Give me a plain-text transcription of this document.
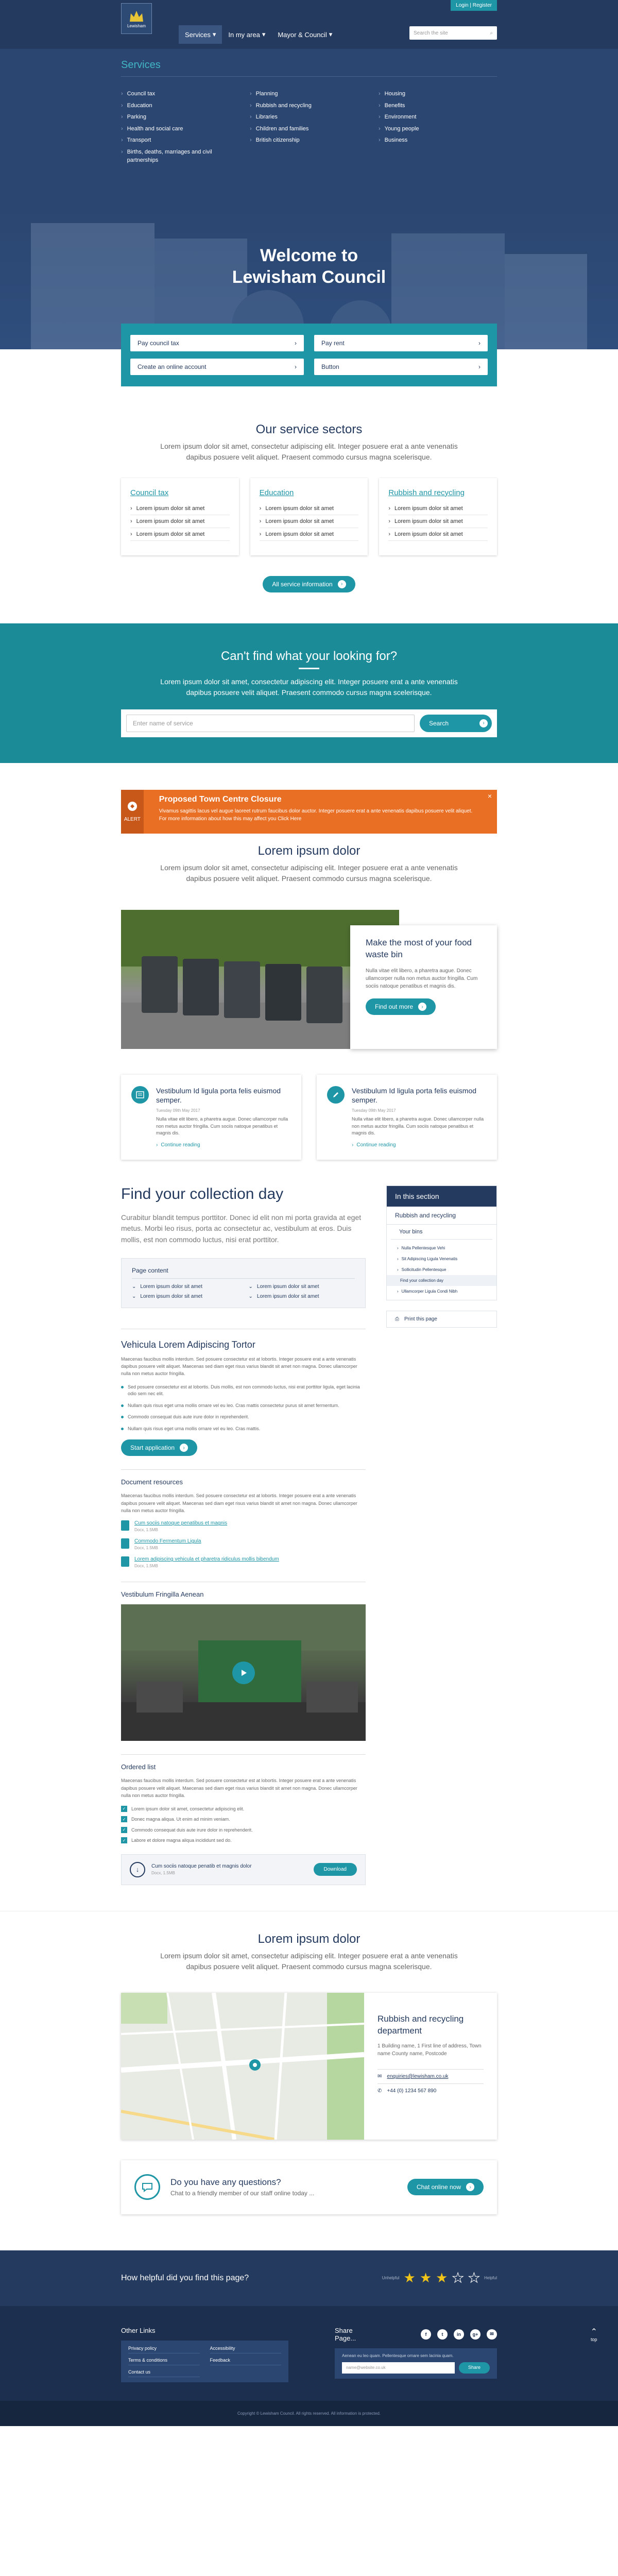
Lewisham
Login | Register
Services ▾ In my area ▾ Mayor & Council ▾	Search the site	⌕
Services
› Council tax
› Education
› Parking
› Health and social care
› Transport
› Births, deaths, marriages and civil partnerships
› Planning
› Rubbish and recycling
› Libraries
› Children and families
› British citizenship
› Housing
› Benefits
› Environment
› Young people
› Business
Welcome to
Lewisham Council
Pay council tax	›	Pay rent	›
Create an online account	›	Button	›
Our service sectors
Lorem ipsum dolor sit amet, consectetur adipiscing elit. Integer posuere erat a ante venenatis dapibus posuere velit aliquet. Praesent commodo cursus magna scelerisque.
Council tax
› Lorem ipsum dolor sit amet
› Lorem ipsum dolor sit amet
› Lorem ipsum dolor sit amet
Education
› Lorem ipsum dolor sit amet
› Lorem ipsum dolor sit amet
› Lorem ipsum dolor sit amet
Rubbish and recycling
› Lorem ipsum dolor sit amet
› Lorem ipsum dolor sit amet
› Lorem ipsum dolor sit amet
All service information	›
Can't find what your looking for?

Lorem ipsum dolor sit amet, consectetur adipiscing elit. Integer posuere erat a ante venenatis dapibus posuere velit aliquet. Praesent commodo cursus magna scelerisque.

Enter name of service	Search	›
ALERT
Proposed Town Centre Closure

Vivamus sagittis lacus vel augue laoreet rutrum faucibus dolor auctor. Integer posuere erat a ante venenatis dapibus posuere velit aliquet. For more information about how this may affect you Click Here

×
Lorem ipsum dolor
Lorem ipsum dolor sit amet, consectetur adipiscing elit. Integer posuere erat a ante venenatis dapibus posuere velit aliquet. Praesent commodo cursus magna scelerisque.
Make the most of your food waste bin

Nulla vitae elit libero, a pharetra augue. Donec ullamcorper nulla non metus auctor fringilla. Cum sociis natoque penatibus et magnis dis.

Find out more	›
Vestibulum Id ligula porta felis euismod semper.
Tuesday 09th May 2017

Nulla vitae elit libero, a pharetra augue. Donec ullamcorper nulla non metus auctor fringilla. Cum sociis natoque penatibus et magnis dis.

› Continue reading
Vestibulum Id ligula porta felis euismod semper.
Tuesday 09th May 2017

Nulla vitae elit libero, a pharetra augue. Donec ullamcorper nulla non metus auctor fringilla. Cum sociis natoque penatibus et magnis dis.

› Continue reading
Find your collection day
Curabitur blandit tempus porttitor. Donec id elit non mi porta gravida at eget metus. Morbi leo risus, porta ac consectetur ac, vestibulum at eros. Duis mollis, est non commodo luctus, nisi erat porttitor.
Page content
⌄ Lorem ipsum dolor sit amet	⌄ Lorem ipsum dolor sit amet
⌄ Lorem ipsum dolor sit amet	⌄ Lorem ipsum dolor sit amet
Vehicula Lorem Adipiscing Tortor
Maecenas faucibus mollis interdum. Sed posuere consectetur est at lobortis. Integer posuere erat a ante venenatis dapibus posuere velit aliquet. Maecenas sed diam eget risus varius blandit sit amet non magna. Donec ullamcorper nulla non metus auctor fringilla.
Sed posuere consectetur est at lobortis. Duis mollis, est non commodo luctus, nisi erat porttitor ligula, eget lacinia odio sem nec elit.
Nullam quis risus eget urna mollis ornare vel eu leo. Cras mattis consectetur purus sit amet fermentum.
Commodo consequat duis aute irure dolor in reprehenderit.
Nullam quis risus eget urna mollis ornare vel eu leo. Cras mattis.
Start application	›
Document resources
Maecenas faucibus mollis interdum. Sed posuere consectetur est at lobortis. Integer posuere erat a ante venenatis dapibus posuere velit aliquet. Maecenas sed diam eget risus varius blandit sit amet non magna. Donec ullamcorper nulla non metus auctor fringilla.
Cum sociis natoque penatibus et magnis
Docx, 1.5MB
Commodo Fermentum Ligula
Docx, 1.5MB
Lorem adipiscing vehicula et pharetra ridiculus mollis bibendum
Docx, 1.5MB
Vestibulum Fringilla Aenean
Ordered list
Maecenas faucibus mollis interdum. Sed posuere consectetur est at lobortis. Integer posuere erat a ante venenatis dapibus posuere velit aliquet. Maecenas sed diam eget risus varius blandit sit amet non magna. Donec ullamcorper nulla non metus auctor fringilla.
✓ Lorem ipsum dolor sit amet, consectetur adipiscing elit.
✓ Donec magna aliqua. Ut enim ad minim veniam.
✓ Commodo consequat duis aute irure dolor in reprehenderit.
✓ Labore et dolore magna aliqua incididunt sed do.
↓	Cum sociis natoque penatib et magnis dolor
Docx, 1.5MB
Download
In this section
Rubbish and recycling
Your bins
› Nulla Pellentesque Vehi
› Sit Adipiscing Ligula Venenatis
› Sollicitudin Pellentesque
Find your collection day
› Ullamcorper Ligula Condi Nibh
⎙ Print this page
Lorem ipsum dolor
Lorem ipsum dolor sit amet, consectetur adipiscing elit. Integer posuere erat a ante venenatis dapibus posuere velit aliquet. Praesent commodo cursus magna scelerisque.
Rubbish and recycling department

1 Building name, 1 First line of address, Town name County name, Postcode

✉ enquiries@lewisham.co.uk
✆ +44 (0) 1234 567 890
Do you have any questions?

Chat to a friendly member of our staff online today ...

Chat online now	›
How helpful did you find this page?	Unhelpful ★ ★ ★ ★ ★ Helpful
Other Links
Privacy policy	Accessibility
Terms & conditions	Feedback
Contact us
Share Page...	f	t	in	g+	✉

Aenean eu leo quam. Pellentesque ornare sem lacinia quam.

name@website.co.uk	Share
⌃
top
Copyright © Lewisham Council. All rights reserved. All information is protected.
